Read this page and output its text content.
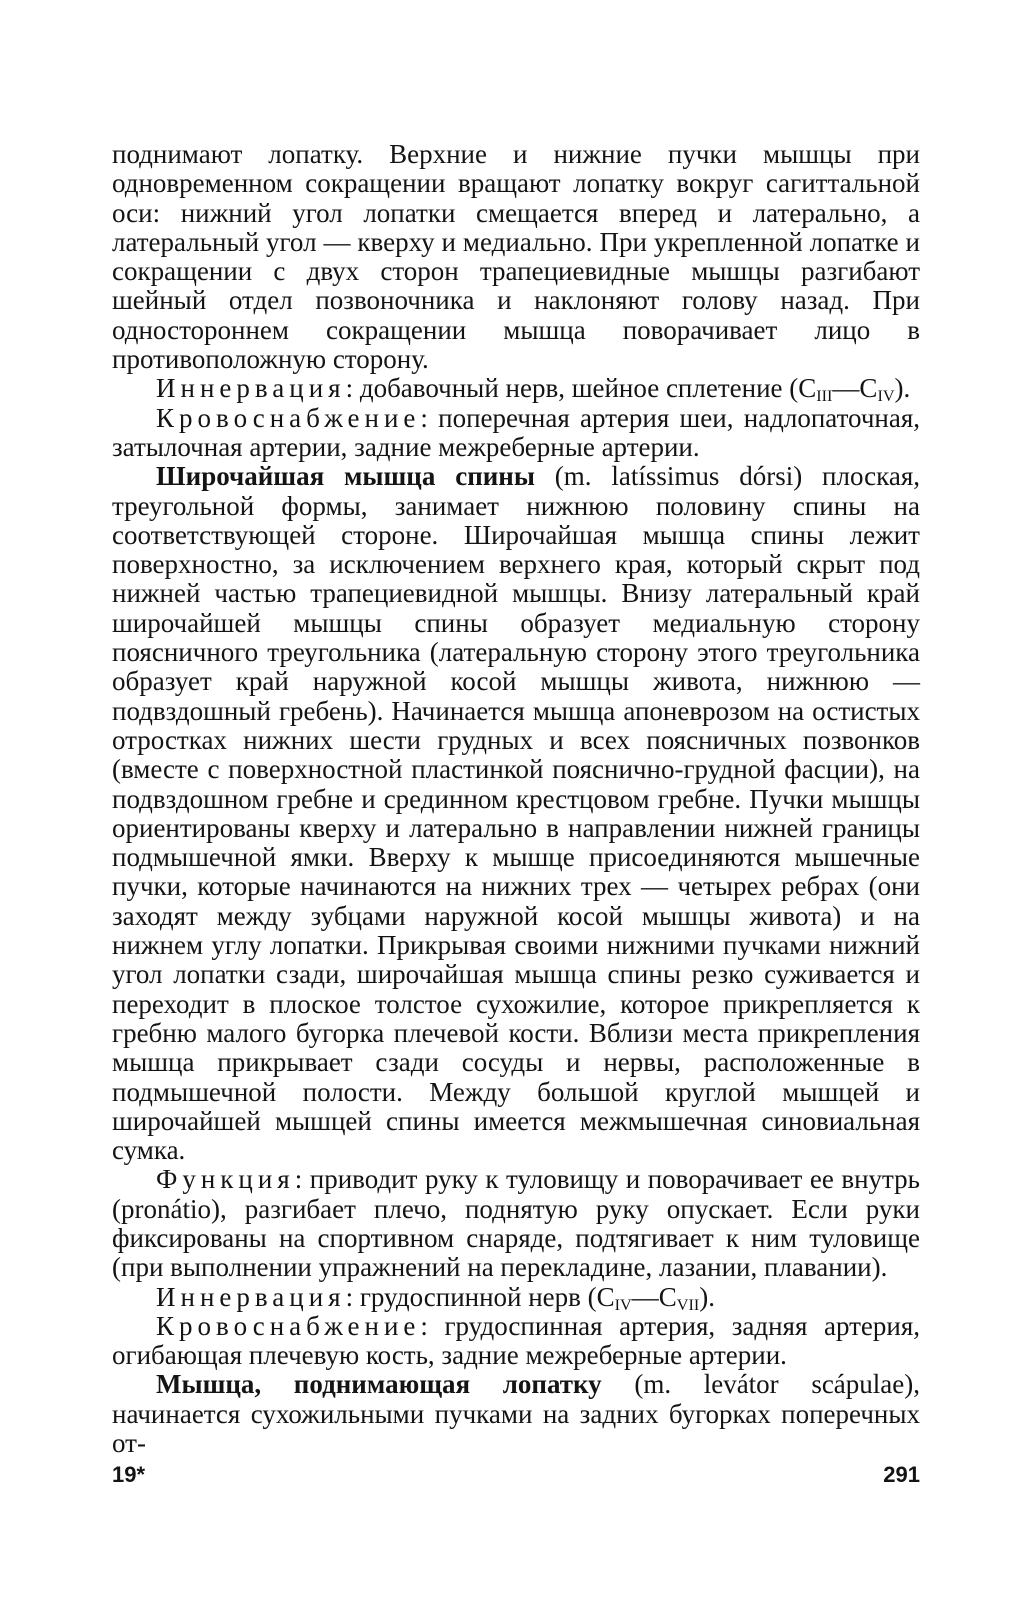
поднимают лопатку. Верхние и нижние пучки мышцы при одновременном сокращении вращают лопатку вокруг сагиттальной оси: нижний угол лопатки смещается вперед и латерально, а латеральный угол — кверху и медиально. При укрепленной лопатке и сокращении с двух сторон трапециевидные мышцы разгибают шейный отдел позвоночника и наклоняют голову назад. При одностороннем сокращении мышца поворачивает лицо в противоположную сторону.

Иннервация: добавочный нерв, шейное сплетение $(C_{III}—C_{IV})$.

Кровоснабжение: поперечная артерия шеи, надлопаточная, затылочная артерии, задние межреберные артерии.

Широчайшая мышца спины (m. latíssimus dórsi) плоская, треугольной формы, занимает нижнюю половину спины на соответствующей стороне. Широчайшая мышца спины лежит поверхностно, за исключением верхнего края, который скрыт под нижней частью трапециевидной мышцы. Внизу латеральный край широчайшей мышцы спины образует медиальную сторону поясничного треугольника (латеральную сторону этого треугольника образует край наружной косой мышцы живота, нижнюю — подвздошный гребень). Начинается мышца апоневрозом на остистых отростках нижних шести грудных и всех поясничных позвонков (вместе с поверхностной пластинкой пояснично-грудной фасции), на подвздошном гребне и срединном крестцовом гребне. Пучки мышцы ориентированы кверху и латерально в направлении нижней границы подмышечной ямки. Вверху к мышце присоединяются мышечные пучки, которые начинаются на нижних трех — четырех ребрах (они заходят между зубцами наружной косой мышцы живота) и на нижнем углу лопатки. Прикрывая своими нижними пучками нижний угол лопатки сзади, широчайшая мышца спины резко суживается и переходит в плоское толстое сухожилие, которое прикрепляется к гребню малого бугорка плечевой кости. Вблизи места прикрепления мышца прикрывает сзади сосуды и нервы, расположенные в подмышечной полости. Между большой круглой мышцей и широчайшей мышцей спины имеется межмышечная синовиальная сумка.

Функция: приводит руку к туловищу и поворачивает ее внутрь (pronátio), разгибает плечо, поднятую руку опускает. Если руки фиксированы на спортивном снаряде, подтягивает к ним туловище (при выполнении упражнений на перекладине, лазании, плавании).

Иннервация: грудоспинной нерв $(C_{IV}—C_{VII})$.

Кровоснабжение: грудоспинная артерия, задняя артерия, огибающая плечевую кость, задние межреберные артерии.

Мышца, поднимающая лопатку (m. levátor scápulae), начинается сухожильными пучками на задних бугорках поперечных от-

19*	291
